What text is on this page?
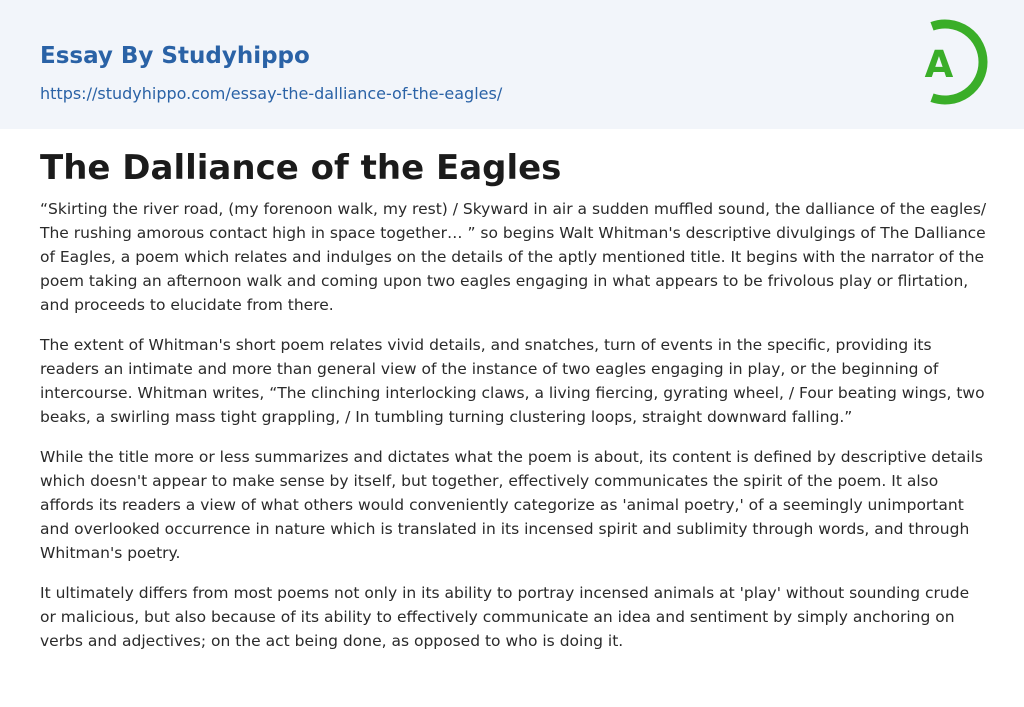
Essay By Studyhippo
https://studyhippo.com/essay-the-dalliance-of-the-eagles/
A
The Dalliance of the Eagles

“Skirting the river road, (my forenoon walk, my rest) / Skyward in air a sudden muffled sound, the dalliance of the eagles/ The rushing amorous contact high in space together… ” so begins Walt Whitman's descriptive divulgings of The Dalliance of Eagles, a poem which relates and indulges on the details of the aptly mentioned title. It begins with the narrator of the poem taking an afternoon walk and coming upon two eagles engaging in what appears to be frivolous play or flirtation, and proceeds to elucidate from there.

The extent of Whitman's short poem relates vivid details, and snatches, turn of events in the specific, providing its readers an intimate and more than general view of the instance of two eagles engaging in play, or the beginning of intercourse. Whitman writes, “The clinching interlocking claws, a living fiercing, gyrating wheel, / Four beating wings, two beaks, a swirling mass tight grappling, / In tumbling turning clustering loops, straight downward falling.”

While the title more or less summarizes and dictates what the poem is about, its content is defined by descriptive details which doesn't appear to make sense by itself, but together, effectively communicates the spirit of the poem. It also affords its readers a view of what others would conveniently categorize as 'animal poetry,' of a seemingly unimportant and overlooked occurrence in nature which is translated in its incensed spirit and sublimity through words, and through Whitman's poetry.

It ultimately differs from most poems not only in its ability to portray incensed animals at 'play' without sounding crude or malicious, but also because of its ability to effectively communicate an idea and sentiment by simply anchoring on verbs and adjectives; on the act being done, as opposed to who is doing it.
